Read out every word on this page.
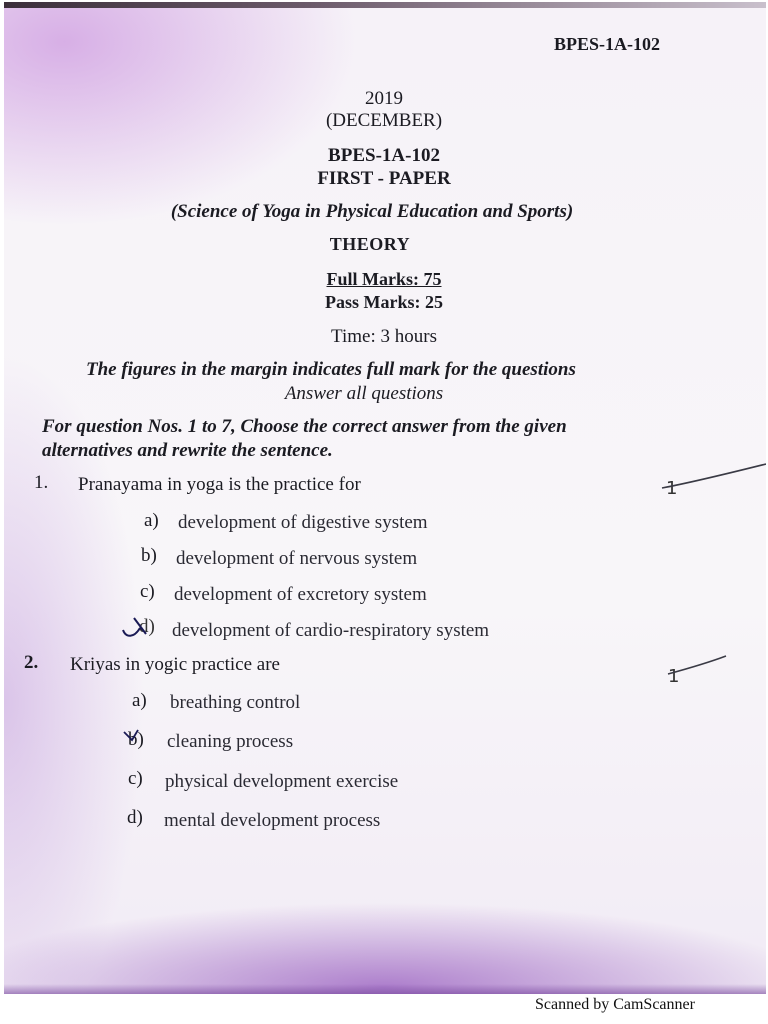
BPES-1A-102
2019
(DECEMBER)
BPES-1A-102
FIRST - PAPER
(Science of Yoga in Physical Education and Sports)
THEORY
Full Marks: 75
Pass Marks: 25
Time: 3 hours
The figures in the margin indicates full mark for the questions
Answer all questions
For question Nos. 1 to 7, Choose the correct answer from the given
alternatives and rewrite the sentence.
1. Pranayama in yoga is the practice for	1
a) development of digestive system
b) development of nervous system
c) development of excretory system
d) development of cardio-respiratory system
2. Kriyas in yogic practice are
1
a) breathing control
b) cleaning process
c) physical development exercise
d) mental development process
Scanned by CamScanner
